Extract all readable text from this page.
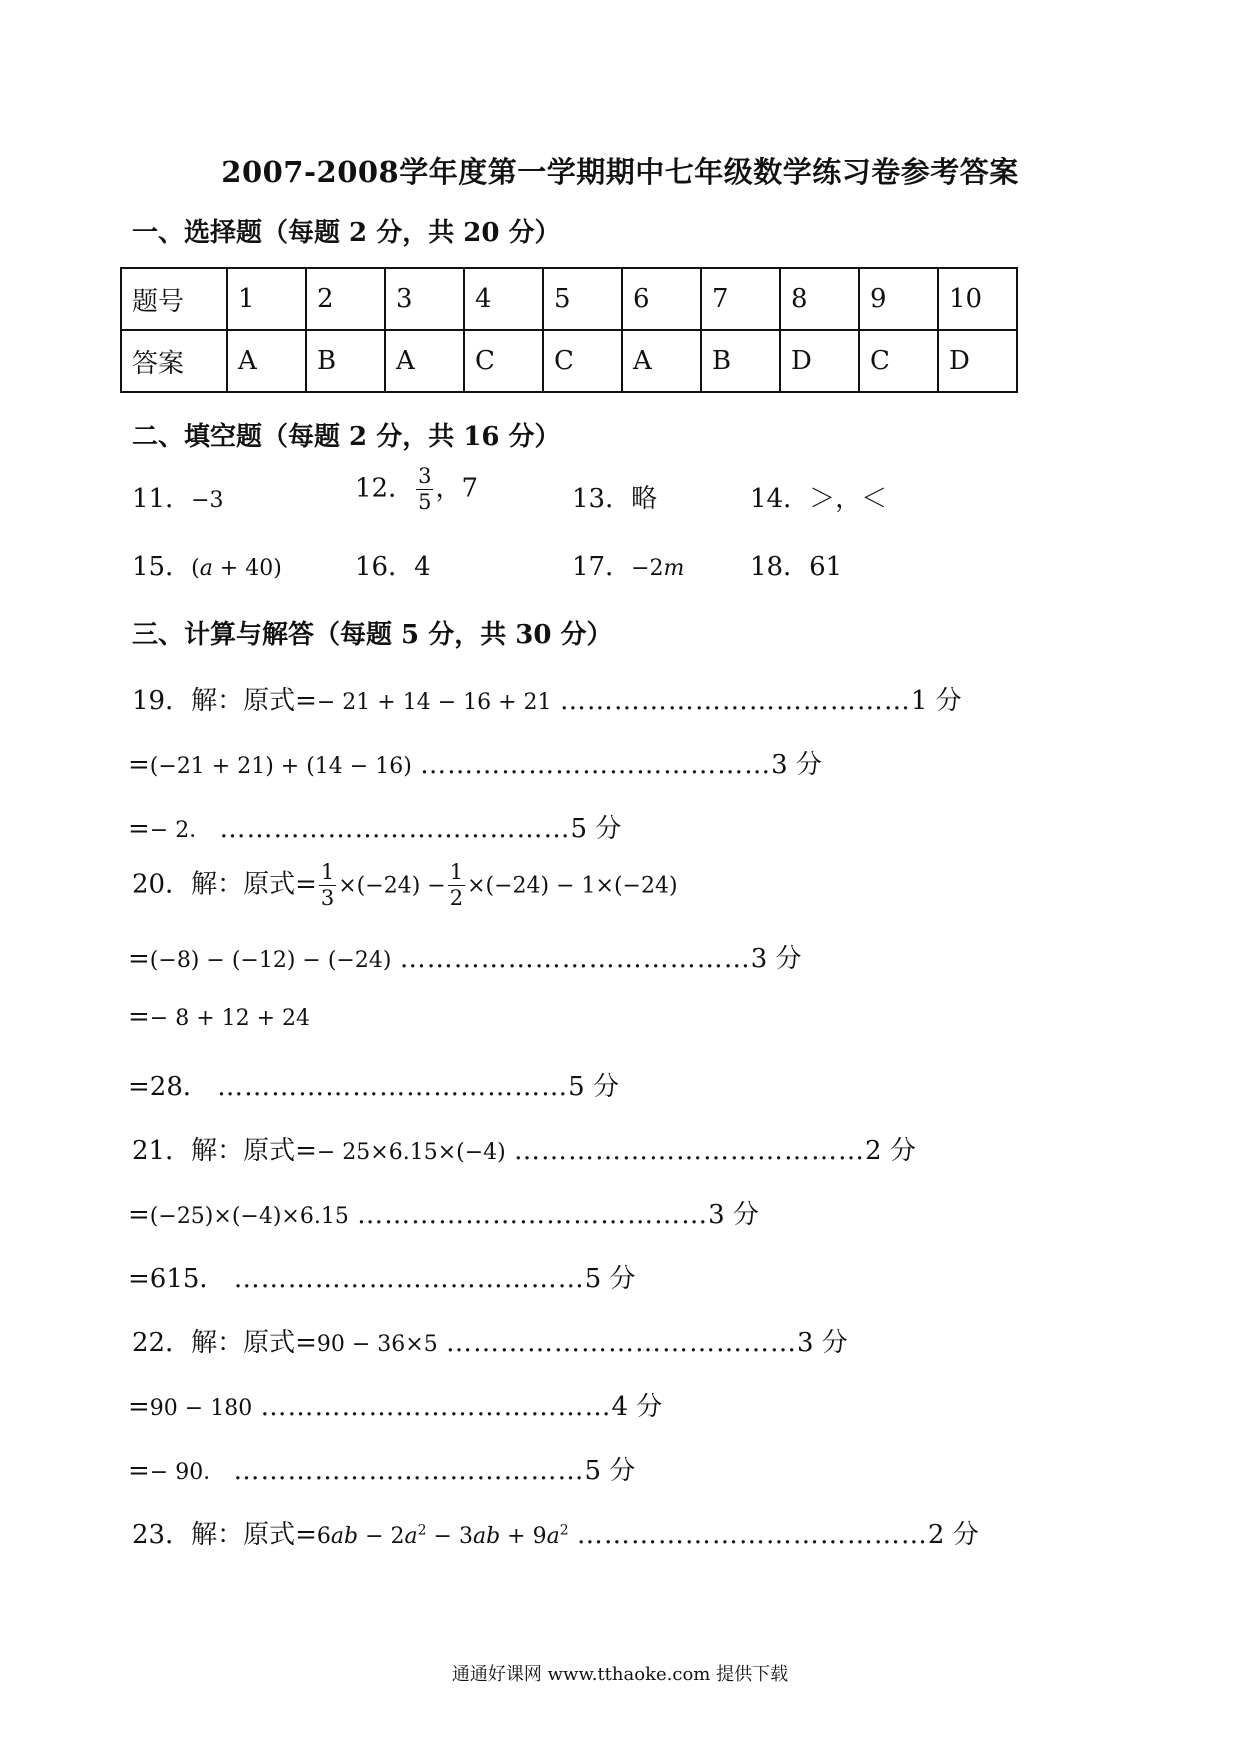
2007-2008学年度第一学期期中七年级数学练习卷参考答案
一、选择题（每题 2 分，共 20 分）
题号	1	2	3	4	5	6	7	8	9	10
答案	A	B	A	C	C	A	B	D	C	D
二、填空题（每题 2 分，共 16 分）
11．−3	12． $\frac{3}{5}$ ，7	13．略	14．＞，＜
15．(a + 40)	16．4	17．−2m	18．61
三、计算与解答（每题 5 分，共 30 分）
19．解：原式=− 21 + 14 − 16 + 21 …………………………………1 分
=(−21 + 21) + (14 − 16) …………………………………3 分
=− 2． …………………………………5 分
20．解：原式= $\frac{1}{3} \times(-24) - \frac{1}{2} \times(-24) - 1\times(-24)$
=(−8) − (−12) − (−24) …………………………………3 分
=− 8 + 12 + 24
=28． …………………………………5 分
21．解：原式=− 25×6.15×(−4) …………………………………2 分
=(−25)×(−4)×6.15 …………………………………3 分
=615． …………………………………5 分
22．解：原式=90 − 36×5 …………………………………3 分
=90 − 180 …………………………………4 分
=− 90． …………………………………5 分
23．解：原式$=6ab - 2a^2 - 3ab + 9a^2$ …………………………………2 分
通通好课网 www.tthaoke.com 提供下载
